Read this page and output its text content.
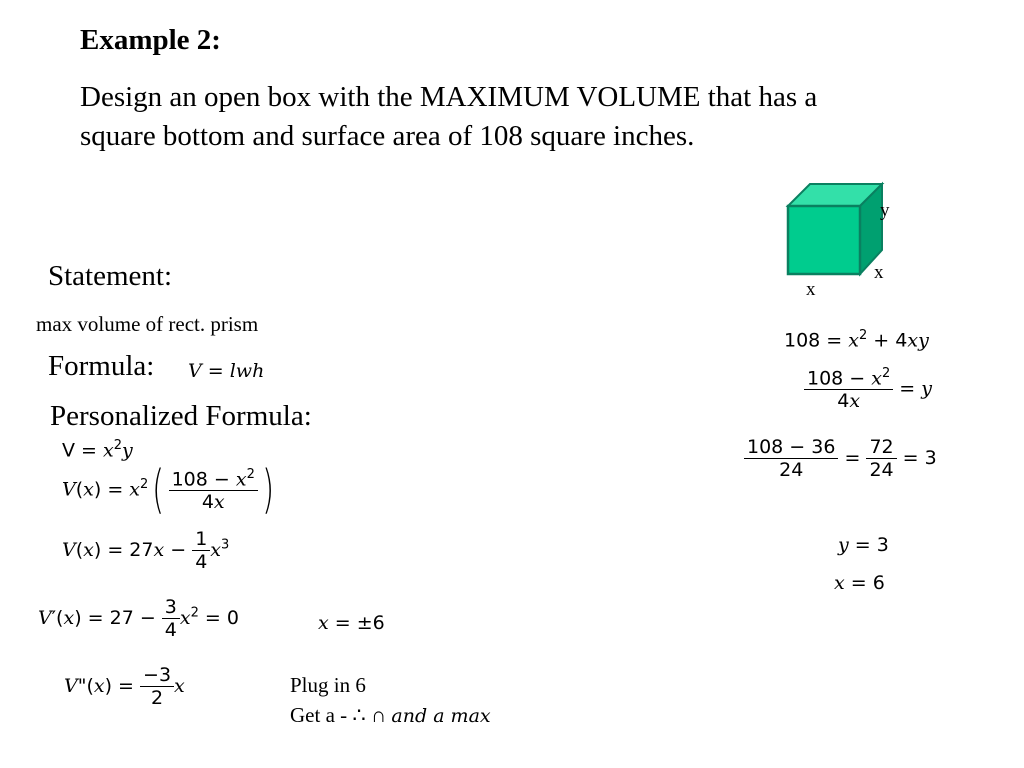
Example 2:
Design an open box with the MAXIMUM VOLUME that has a
square bottom and surface area of 108 square inches.
y
x
x
Statement:
max volume of rect. prism
Formula: V = lwh
Personalized Formula:
$V = x^2y$
$V(x) = x^2( \frac{108 - x^2}{4x}$ )
$V(x) = 27x - \frac{1}{4} x^3$
$V'(x) = 27 - \frac{3}{4} x^2 = 0$	x = ±6
V"(x) = $\frac{-3}{2}$ x	Plug in 6
Get a - ∴ ∩ and a max
$108 = x^2 + 4xy$
$\frac{108 - x^2}{4x} = y$
$\frac{108 - 36}{24} = \frac{72}{24} = 3$
y = 3
x = 6
